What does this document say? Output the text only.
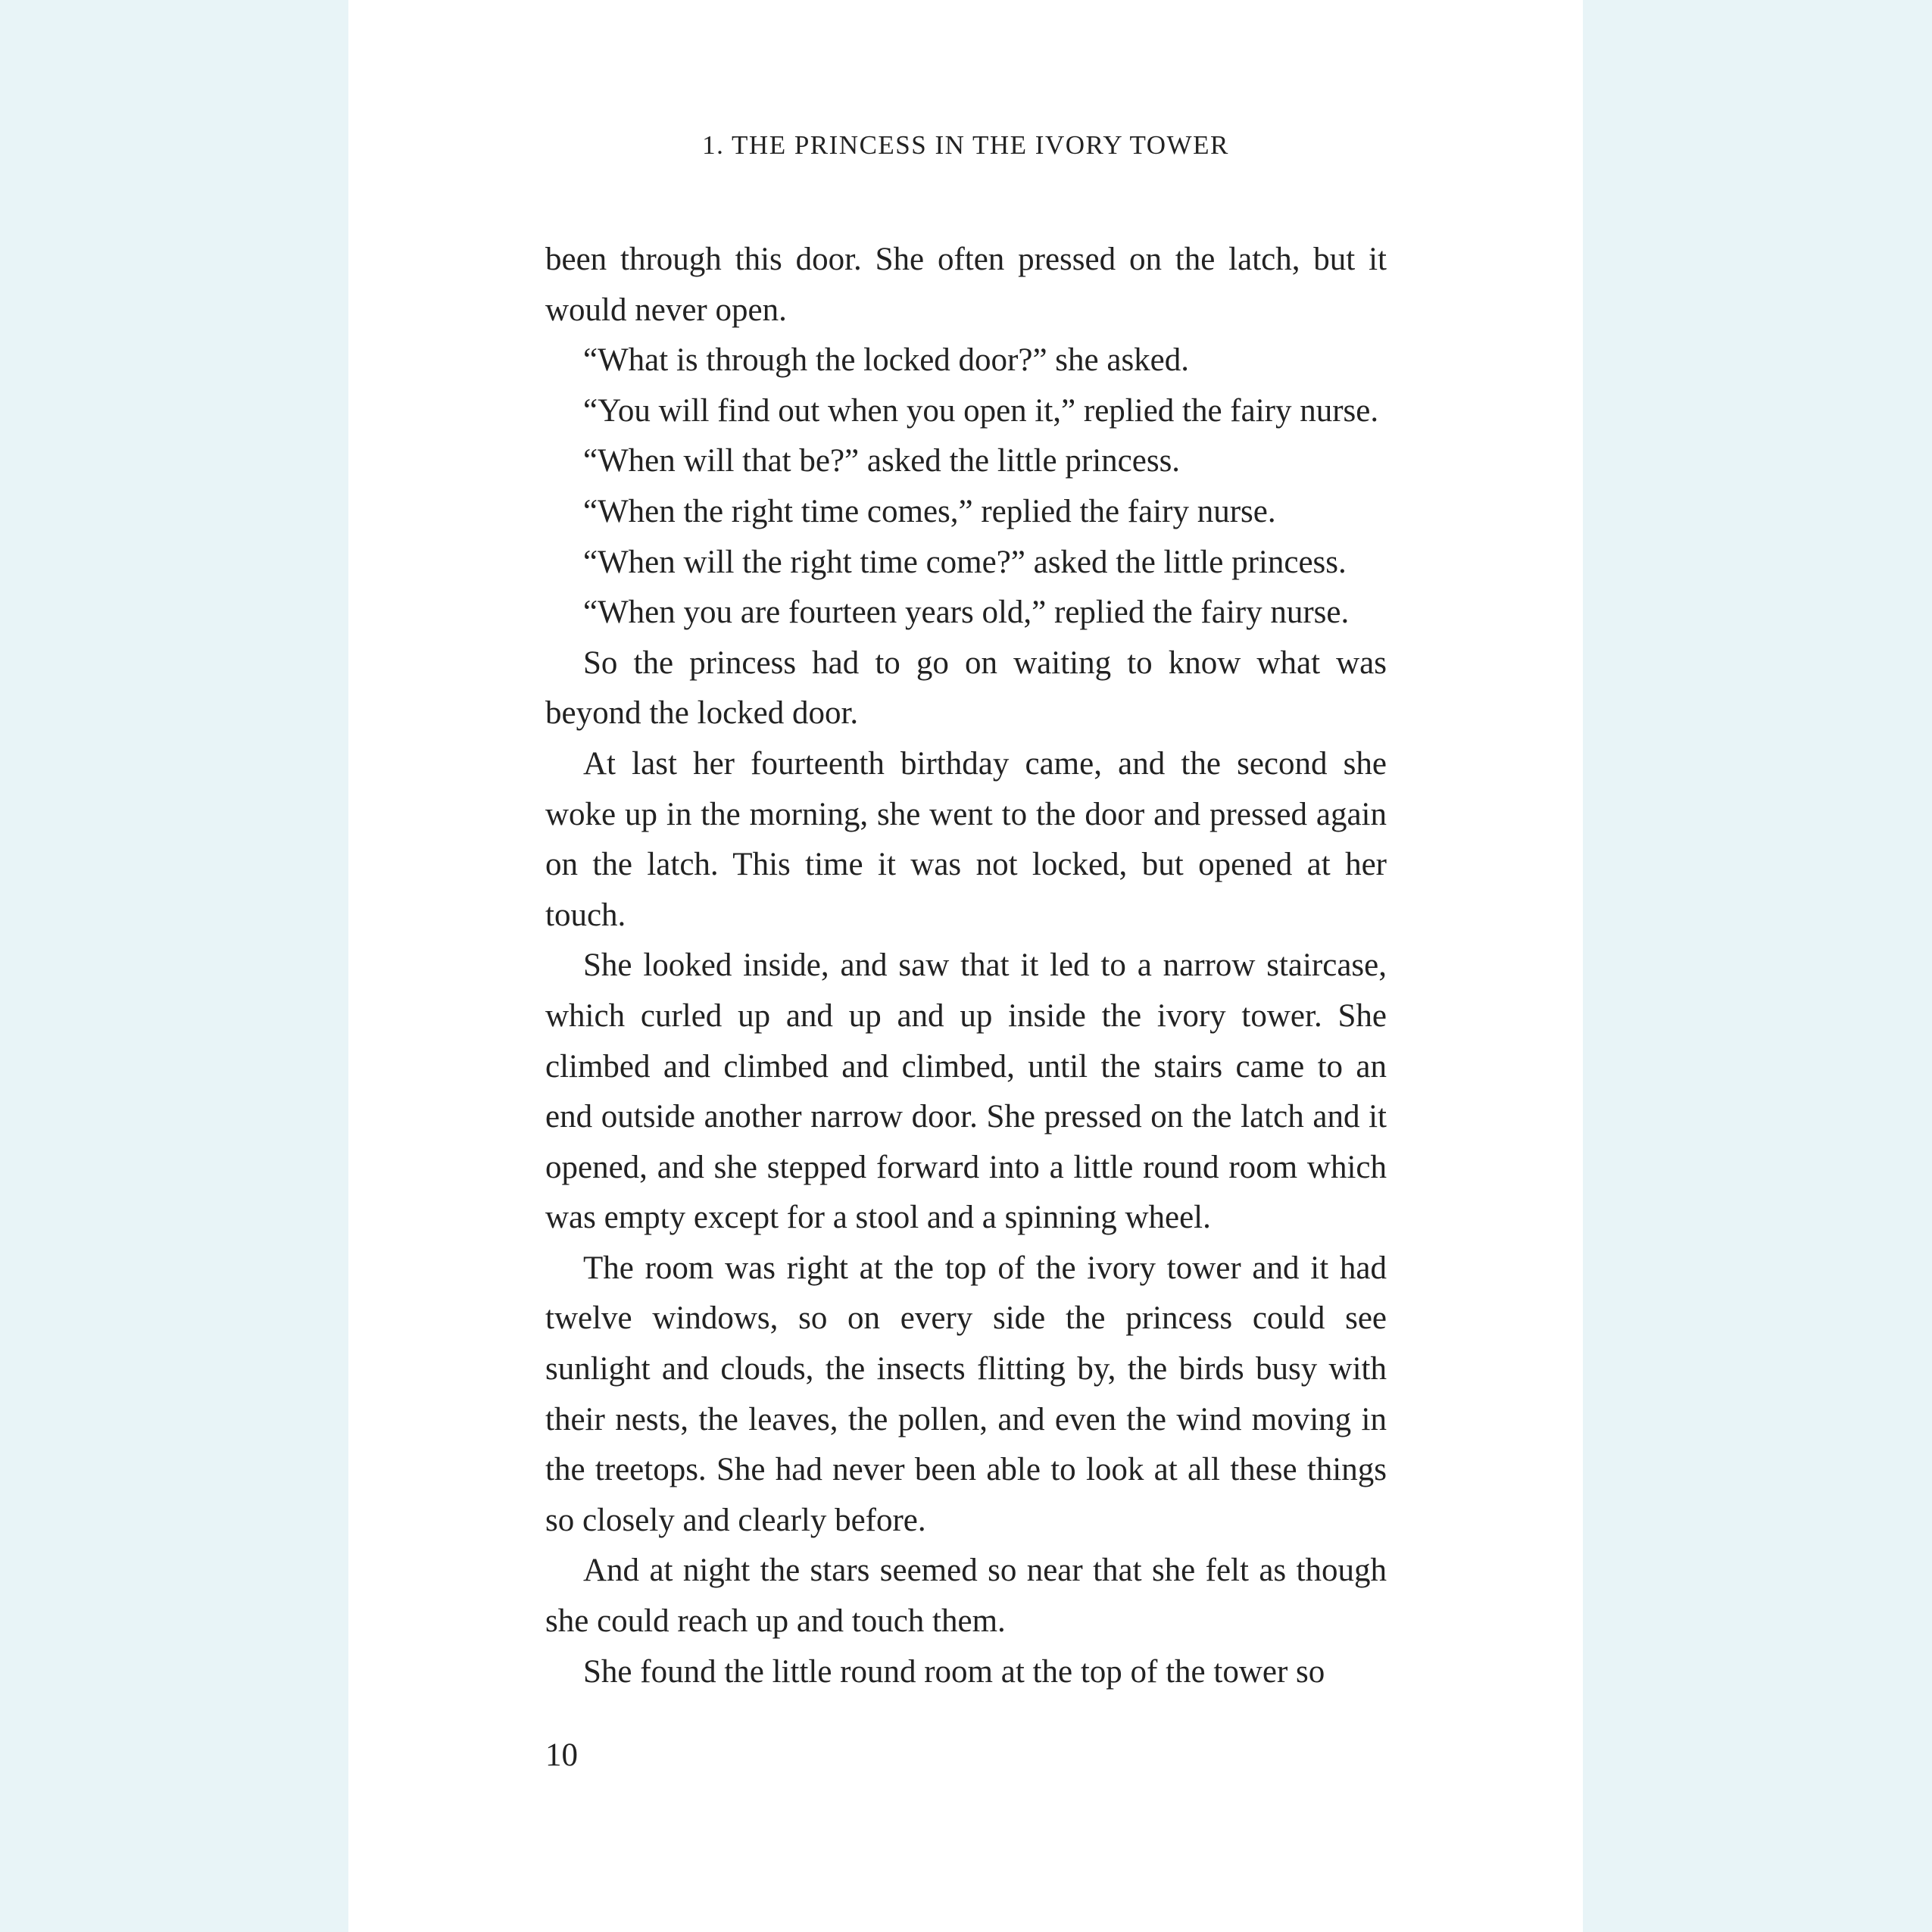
1. THE PRINCESS IN THE IVORY TOWER

been through this door. She often pressed on the latch, but it would never open.

“What is through the locked door?” she asked.

“You will find out when you open it,” replied the fairy nurse.

“When will that be?” asked the little princess.

“When the right time comes,” replied the fairy nurse.

“When will the right time come?” asked the little princess.

“When you are fourteen years old,” replied the fairy nurse.

So the princess had to go on waiting to know what was beyond the locked door.

At last her fourteenth birthday came, and the second she woke up in the morning, she went to the door and pressed again on the latch. This time it was not locked, but opened at her touch.

She looked inside, and saw that it led to a narrow staircase, which curled up and up and up inside the ivory tower. She climbed and climbed and climbed, until the stairs came to an end outside another narrow door. She pressed on the latch and it opened, and she stepped forward into a little round room which was empty except for a stool and a spinning wheel.

The room was right at the top of the ivory tower and it had twelve windows, so on every side the princess could see sunlight and clouds, the insects flitting by, the birds busy with their nests, the leaves, the pollen, and even the wind moving in the treetops. She had never been able to look at all these things so closely and clearly before.

And at night the stars seemed so near that she felt as though she could reach up and touch them.

She found the little round room at the top of the tower so

10
